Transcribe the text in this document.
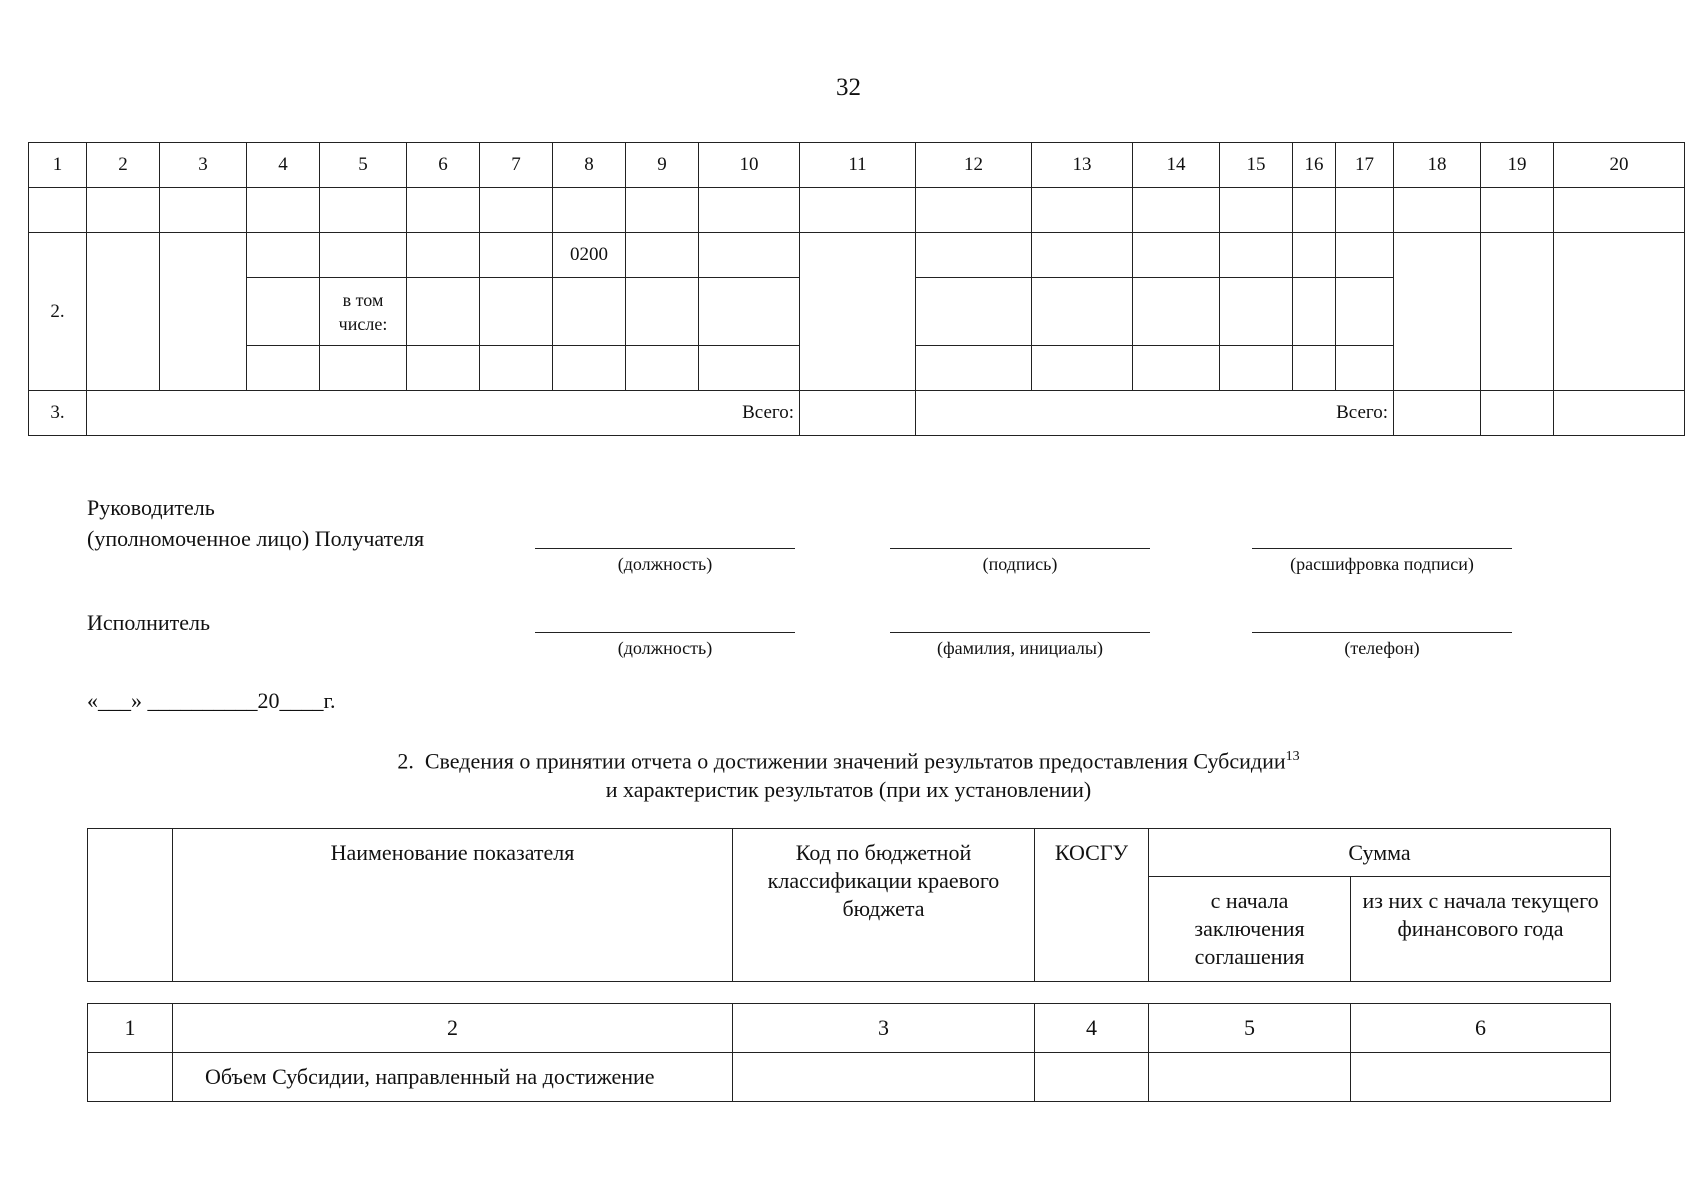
32
1	2	3	4	5	6	7	8	9	10	11	12	13	14	15	16	17	18	19	20

2.							0200												
				в том числе:															

3.	Всего:										Всего:								
Руководитель
(уполномоченное лицо) Получателя
(должность)	(подпись)	(расшифровка подписи)
Исполнитель
(должность)	(фамилия, инициалы)	(телефон)
«___» __________20____г.
2. Сведения о принятии отчета о достижении значений результатов предоставления Субсидии$^{13}$
и характеристик результатов (при их установлении)
	Наименование показателя	Код по бюджетной классификации краевого бюджета	КОСГУ	Сумма	
				с начала заключения соглашения	из них с начала текущего финансового года
1	2	3	4	5	6
	Объем Субсидии, направленный на достижение				
